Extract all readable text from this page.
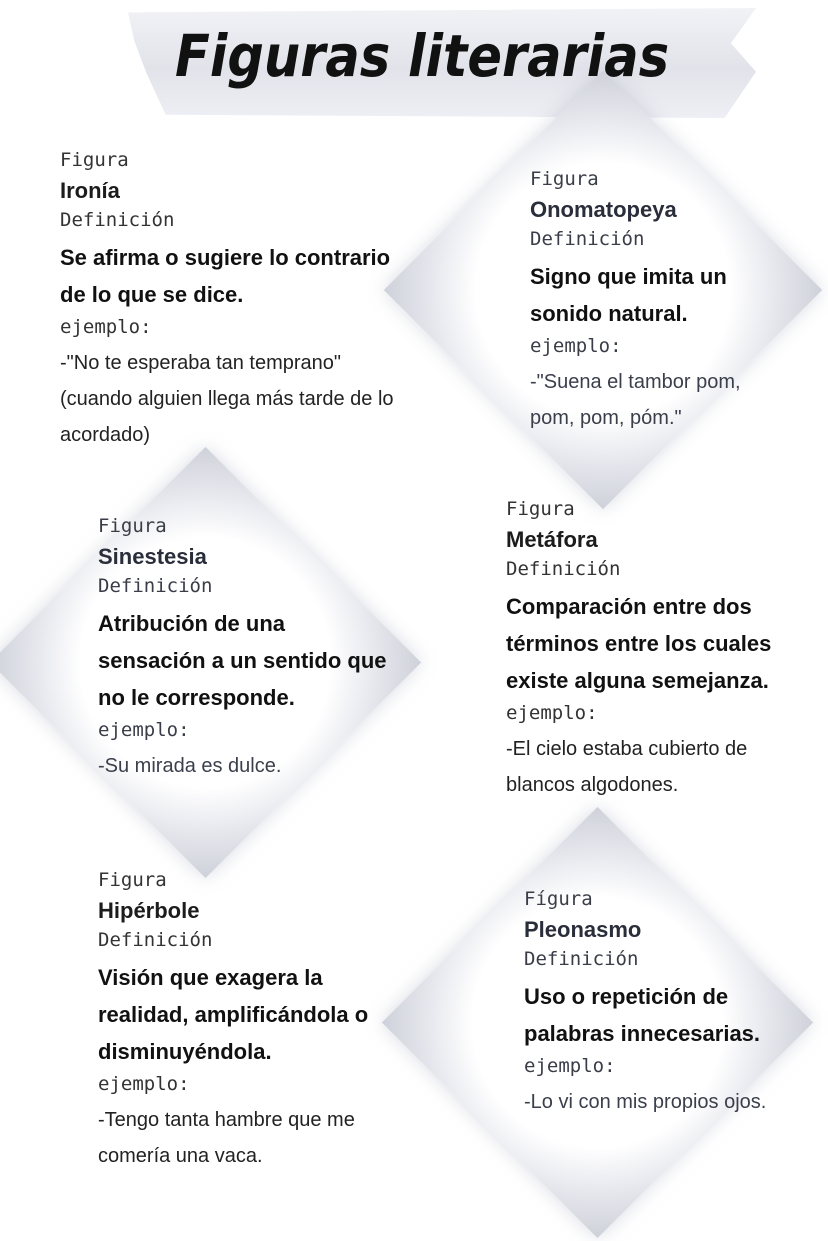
Figuras literarias
Figura
Ironía
Definición
Se afirma o sugiere lo contrario de lo que se dice.
ejemplo:
-"No te esperaba tan temprano" (cuando alguien llega más tarde de lo acordado)
Figura
Onomatopeya
Definición
Signo que imita un sonido natural.
ejemplo:
-"Suena el tambor pom, pom, pom, póm."
Figura
Sinestesia
Definición
Atribución de una sensación a un sentido que no le corresponde.
ejemplo:
-Su mirada es dulce.
Figura
Metáfora
Definición
Comparación entre dos términos entre los cuales existe alguna semejanza.
ejemplo:
-El cielo estaba cubierto de blancos algodones.
Figura
Hipérbole
Definición
Visión que exagera la realidad, amplificándola o disminuyéndola.
ejemplo:
-Tengo tanta hambre que me comería una vaca.
Fígura
Pleonasmo
Definición
Uso o repetición de palabras innecesarias.
ejemplo:
-Lo vi con mis propios ojos.
